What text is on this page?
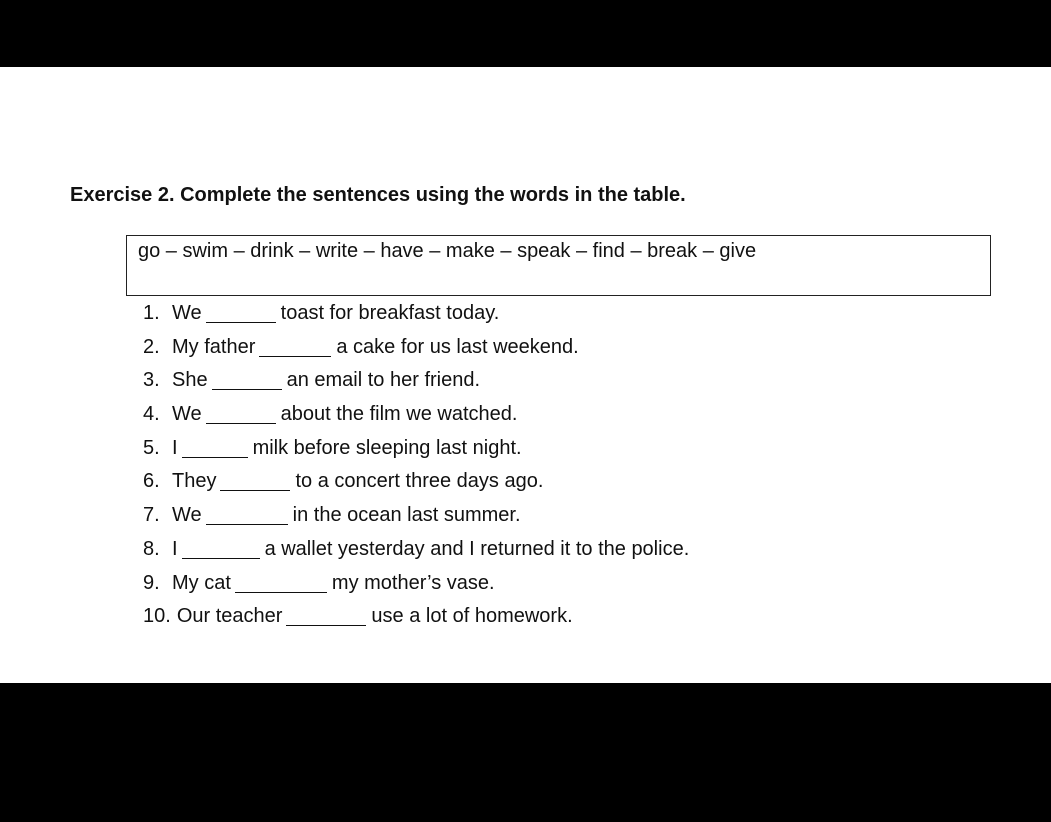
Exercise 2. Complete the sentences using the words in the table.
go – swim – drink – write – have – make – speak – find – break – give
1. We	toast for breakfast today.
2. My father	a cake for us last weekend.
3. She	an email to her friend.
4. We	about the film we watched.
5. I	milk before sleeping last night.
6. They	to a concert three days ago.
7. We	in the ocean last summer.
8. I	a wallet yesterday and I returned it to the police.
9. My cat	my mother’s vase.
10. Our teacher	use a lot of homework.
